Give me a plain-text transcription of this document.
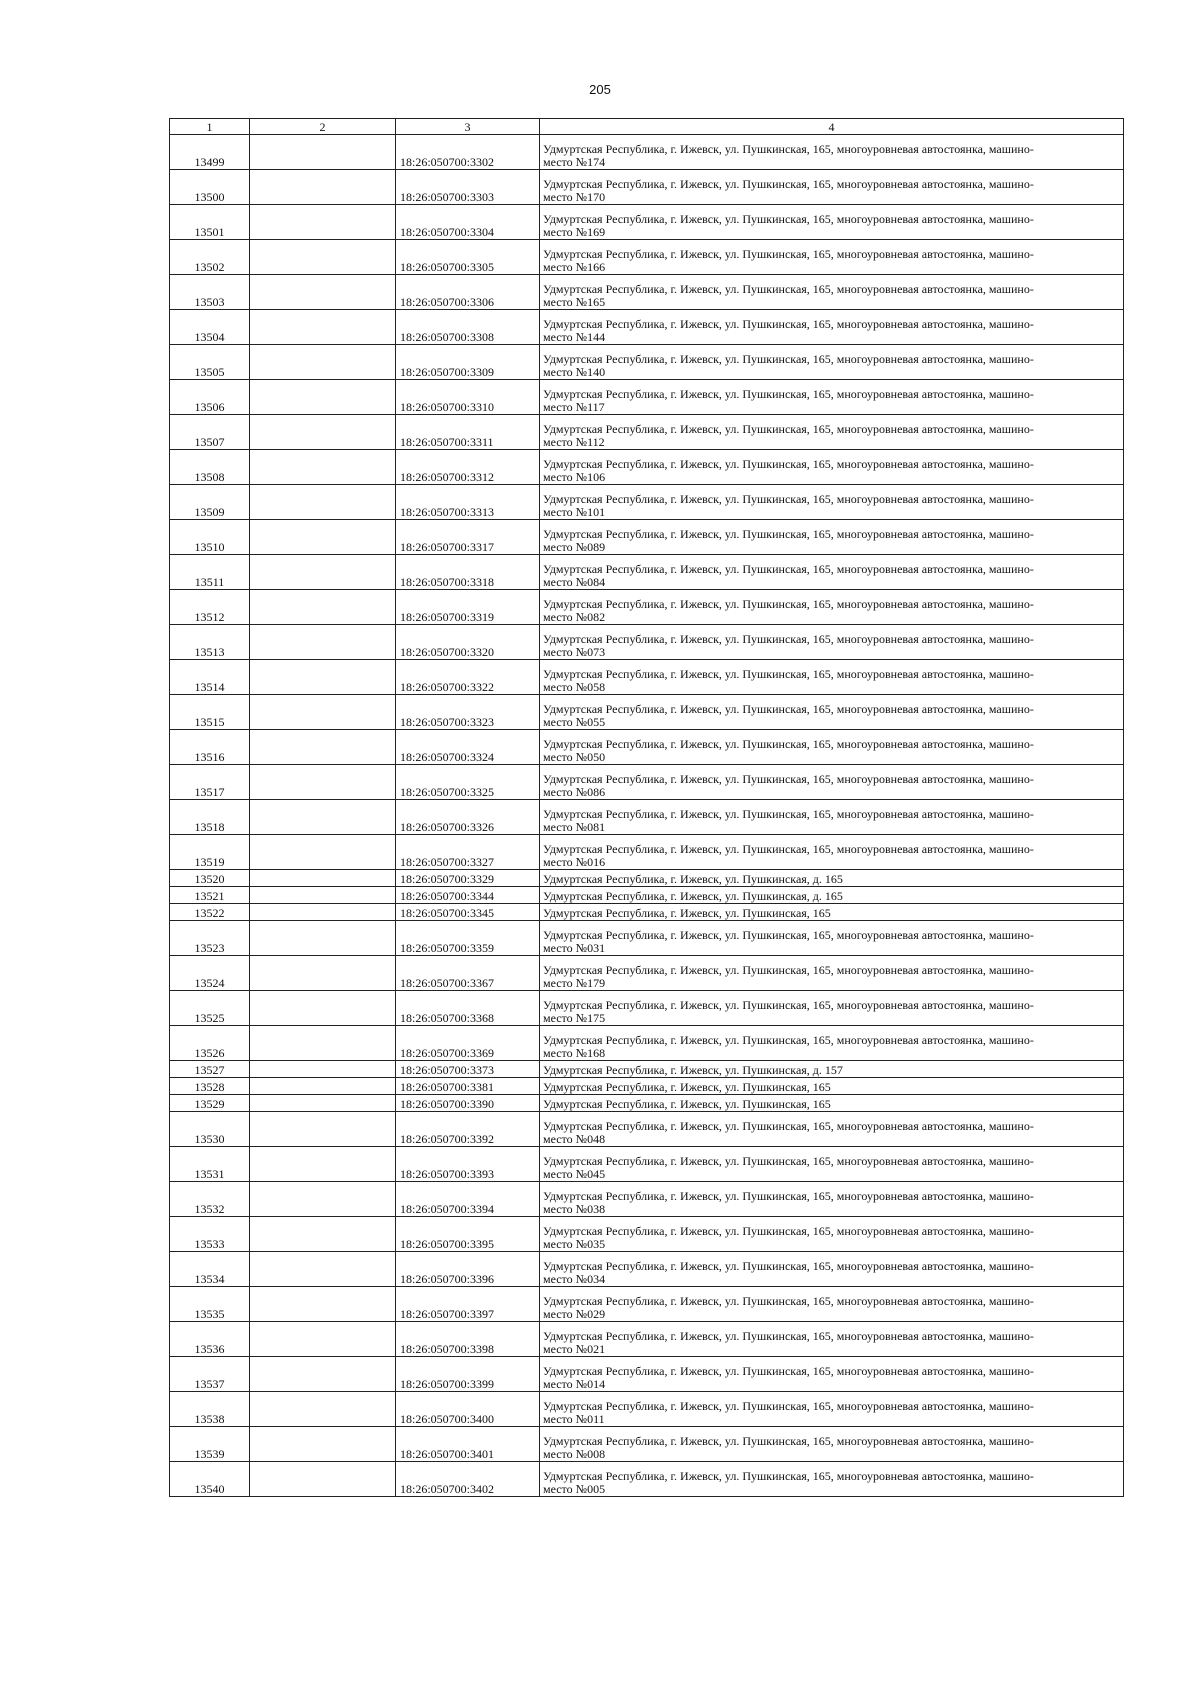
205
1	2	3	4
13499		18:26:050700:3302	Удмуртская Республика, г. Ижевск, ул. Пушкинская, 165, многоуровневая автостоянка, машино-
место №174

13500		18:26:050700:3303	Удмуртская Республика, г. Ижевск, ул. Пушкинская, 165, многоуровневая автостоянка, машино-
место №170

13501		18:26:050700:3304	Удмуртская Республика, г. Ижевск, ул. Пушкинская, 165, многоуровневая автостоянка, машино-
место №169

13502		18:26:050700:3305	Удмуртская Республика, г. Ижевск, ул. Пушкинская, 165, многоуровневая автостоянка, машино-
место №166

13503		18:26:050700:3306	Удмуртская Республика, г. Ижевск, ул. Пушкинская, 165, многоуровневая автостоянка, машино-
место №165

13504		18:26:050700:3308	Удмуртская Республика, г. Ижевск, ул. Пушкинская, 165, многоуровневая автостоянка, машино-
место №144

13505		18:26:050700:3309	Удмуртская Республика, г. Ижевск, ул. Пушкинская, 165, многоуровневая автостоянка, машино-
место №140

13506		18:26:050700:3310	Удмуртская Республика, г. Ижевск, ул. Пушкинская, 165, многоуровневая автостоянка, машино-
место №117

13507		18:26:050700:3311	Удмуртская Республика, г. Ижевск, ул. Пушкинская, 165, многоуровневая автостоянка, машино-
место №112

13508		18:26:050700:3312	Удмуртская Республика, г. Ижевск, ул. Пушкинская, 165, многоуровневая автостоянка, машино-
место №106

13509		18:26:050700:3313	Удмуртская Республика, г. Ижевск, ул. Пушкинская, 165, многоуровневая автостоянка, машино-
место №101

13510		18:26:050700:3317	Удмуртская Республика, г. Ижевск, ул. Пушкинская, 165, многоуровневая автостоянка, машино-
место №089

13511		18:26:050700:3318	Удмуртская Республика, г. Ижевск, ул. Пушкинская, 165, многоуровневая автостоянка, машино-
место №084

13512		18:26:050700:3319	Удмуртская Республика, г. Ижевск, ул. Пушкинская, 165, многоуровневая автостоянка, машино-
место №082

13513		18:26:050700:3320	Удмуртская Республика, г. Ижевск, ул. Пушкинская, 165, многоуровневая автостоянка, машино-
место №073

13514		18:26:050700:3322	Удмуртская Республика, г. Ижевск, ул. Пушкинская, 165, многоуровневая автостоянка, машино-
место №058

13515		18:26:050700:3323	Удмуртская Республика, г. Ижевск, ул. Пушкинская, 165, многоуровневая автостоянка, машино-
место №055

13516		18:26:050700:3324	Удмуртская Республика, г. Ижевск, ул. Пушкинская, 165, многоуровневая автостоянка, машино-
место №050

13517		18:26:050700:3325	Удмуртская Республика, г. Ижевск, ул. Пушкинская, 165, многоуровневая автостоянка, машино-
место №086

13518		18:26:050700:3326	Удмуртская Республика, г. Ижевск, ул. Пушкинская, 165, многоуровневая автостоянка, машино-
место №081

13519		18:26:050700:3327	Удмуртская Республика, г. Ижевск, ул. Пушкинская, 165, многоуровневая автостоянка, машино-
место №016

13520		18:26:050700:3329	Удмуртская Республика, г. Ижевск, ул. Пушкинская, д. 165

13521		18:26:050700:3344	Удмуртская Республика, г. Ижевск, ул. Пушкинская, д. 165

13522		18:26:050700:3345	Удмуртская Республика, г. Ижевск, ул. Пушкинская, 165

13523		18:26:050700:3359	Удмуртская Республика, г. Ижевск, ул. Пушкинская, 165, многоуровневая автостоянка, машино-
место №031

13524		18:26:050700:3367	Удмуртская Республика, г. Ижевск, ул. Пушкинская, 165, многоуровневая автостоянка, машино-
место №179

13525		18:26:050700:3368	Удмуртская Республика, г. Ижевск, ул. Пушкинская, 165, многоуровневая автостоянка, машино-
место №175

13526		18:26:050700:3369	Удмуртская Республика, г. Ижевск, ул. Пушкинская, 165, многоуровневая автостоянка, машино-
место №168

13527		18:26:050700:3373	Удмуртская Республика, г. Ижевск, ул. Пушкинская, д. 157

13528		18:26:050700:3381	Удмуртская Республика, г. Ижевск, ул. Пушкинская, 165

13529		18:26:050700:3390	Удмуртская Республика, г. Ижевск, ул. Пушкинская, 165

13530		18:26:050700:3392	Удмуртская Республика, г. Ижевск, ул. Пушкинская, 165, многоуровневая автостоянка, машино-
место №048

13531		18:26:050700:3393	Удмуртская Республика, г. Ижевск, ул. Пушкинская, 165, многоуровневая автостоянка, машино-
место №045

13532		18:26:050700:3394	Удмуртская Республика, г. Ижевск, ул. Пушкинская, 165, многоуровневая автостоянка, машино-
место №038

13533		18:26:050700:3395	Удмуртская Республика, г. Ижевск, ул. Пушкинская, 165, многоуровневая автостоянка, машино-
место №035

13534		18:26:050700:3396	Удмуртская Республика, г. Ижевск, ул. Пушкинская, 165, многоуровневая автостоянка, машино-
место №034

13535		18:26:050700:3397	Удмуртская Республика, г. Ижевск, ул. Пушкинская, 165, многоуровневая автостоянка, машино-
место №029

13536		18:26:050700:3398	Удмуртская Республика, г. Ижевск, ул. Пушкинская, 165, многоуровневая автостоянка, машино-
место №021

13537		18:26:050700:3399	Удмуртская Республика, г. Ижевск, ул. Пушкинская, 165, многоуровневая автостоянка, машино-
место №014

13538		18:26:050700:3400	Удмуртская Республика, г. Ижевск, ул. Пушкинская, 165, многоуровневая автостоянка, машино-
место №011

13539		18:26:050700:3401	Удмуртская Республика, г. Ижевск, ул. Пушкинская, 165, многоуровневая автостоянка, машино-
место №008

13540		18:26:050700:3402	Удмуртская Республика, г. Ижевск, ул. Пушкинская, 165, многоуровневая автостоянка, машино-
место №005
